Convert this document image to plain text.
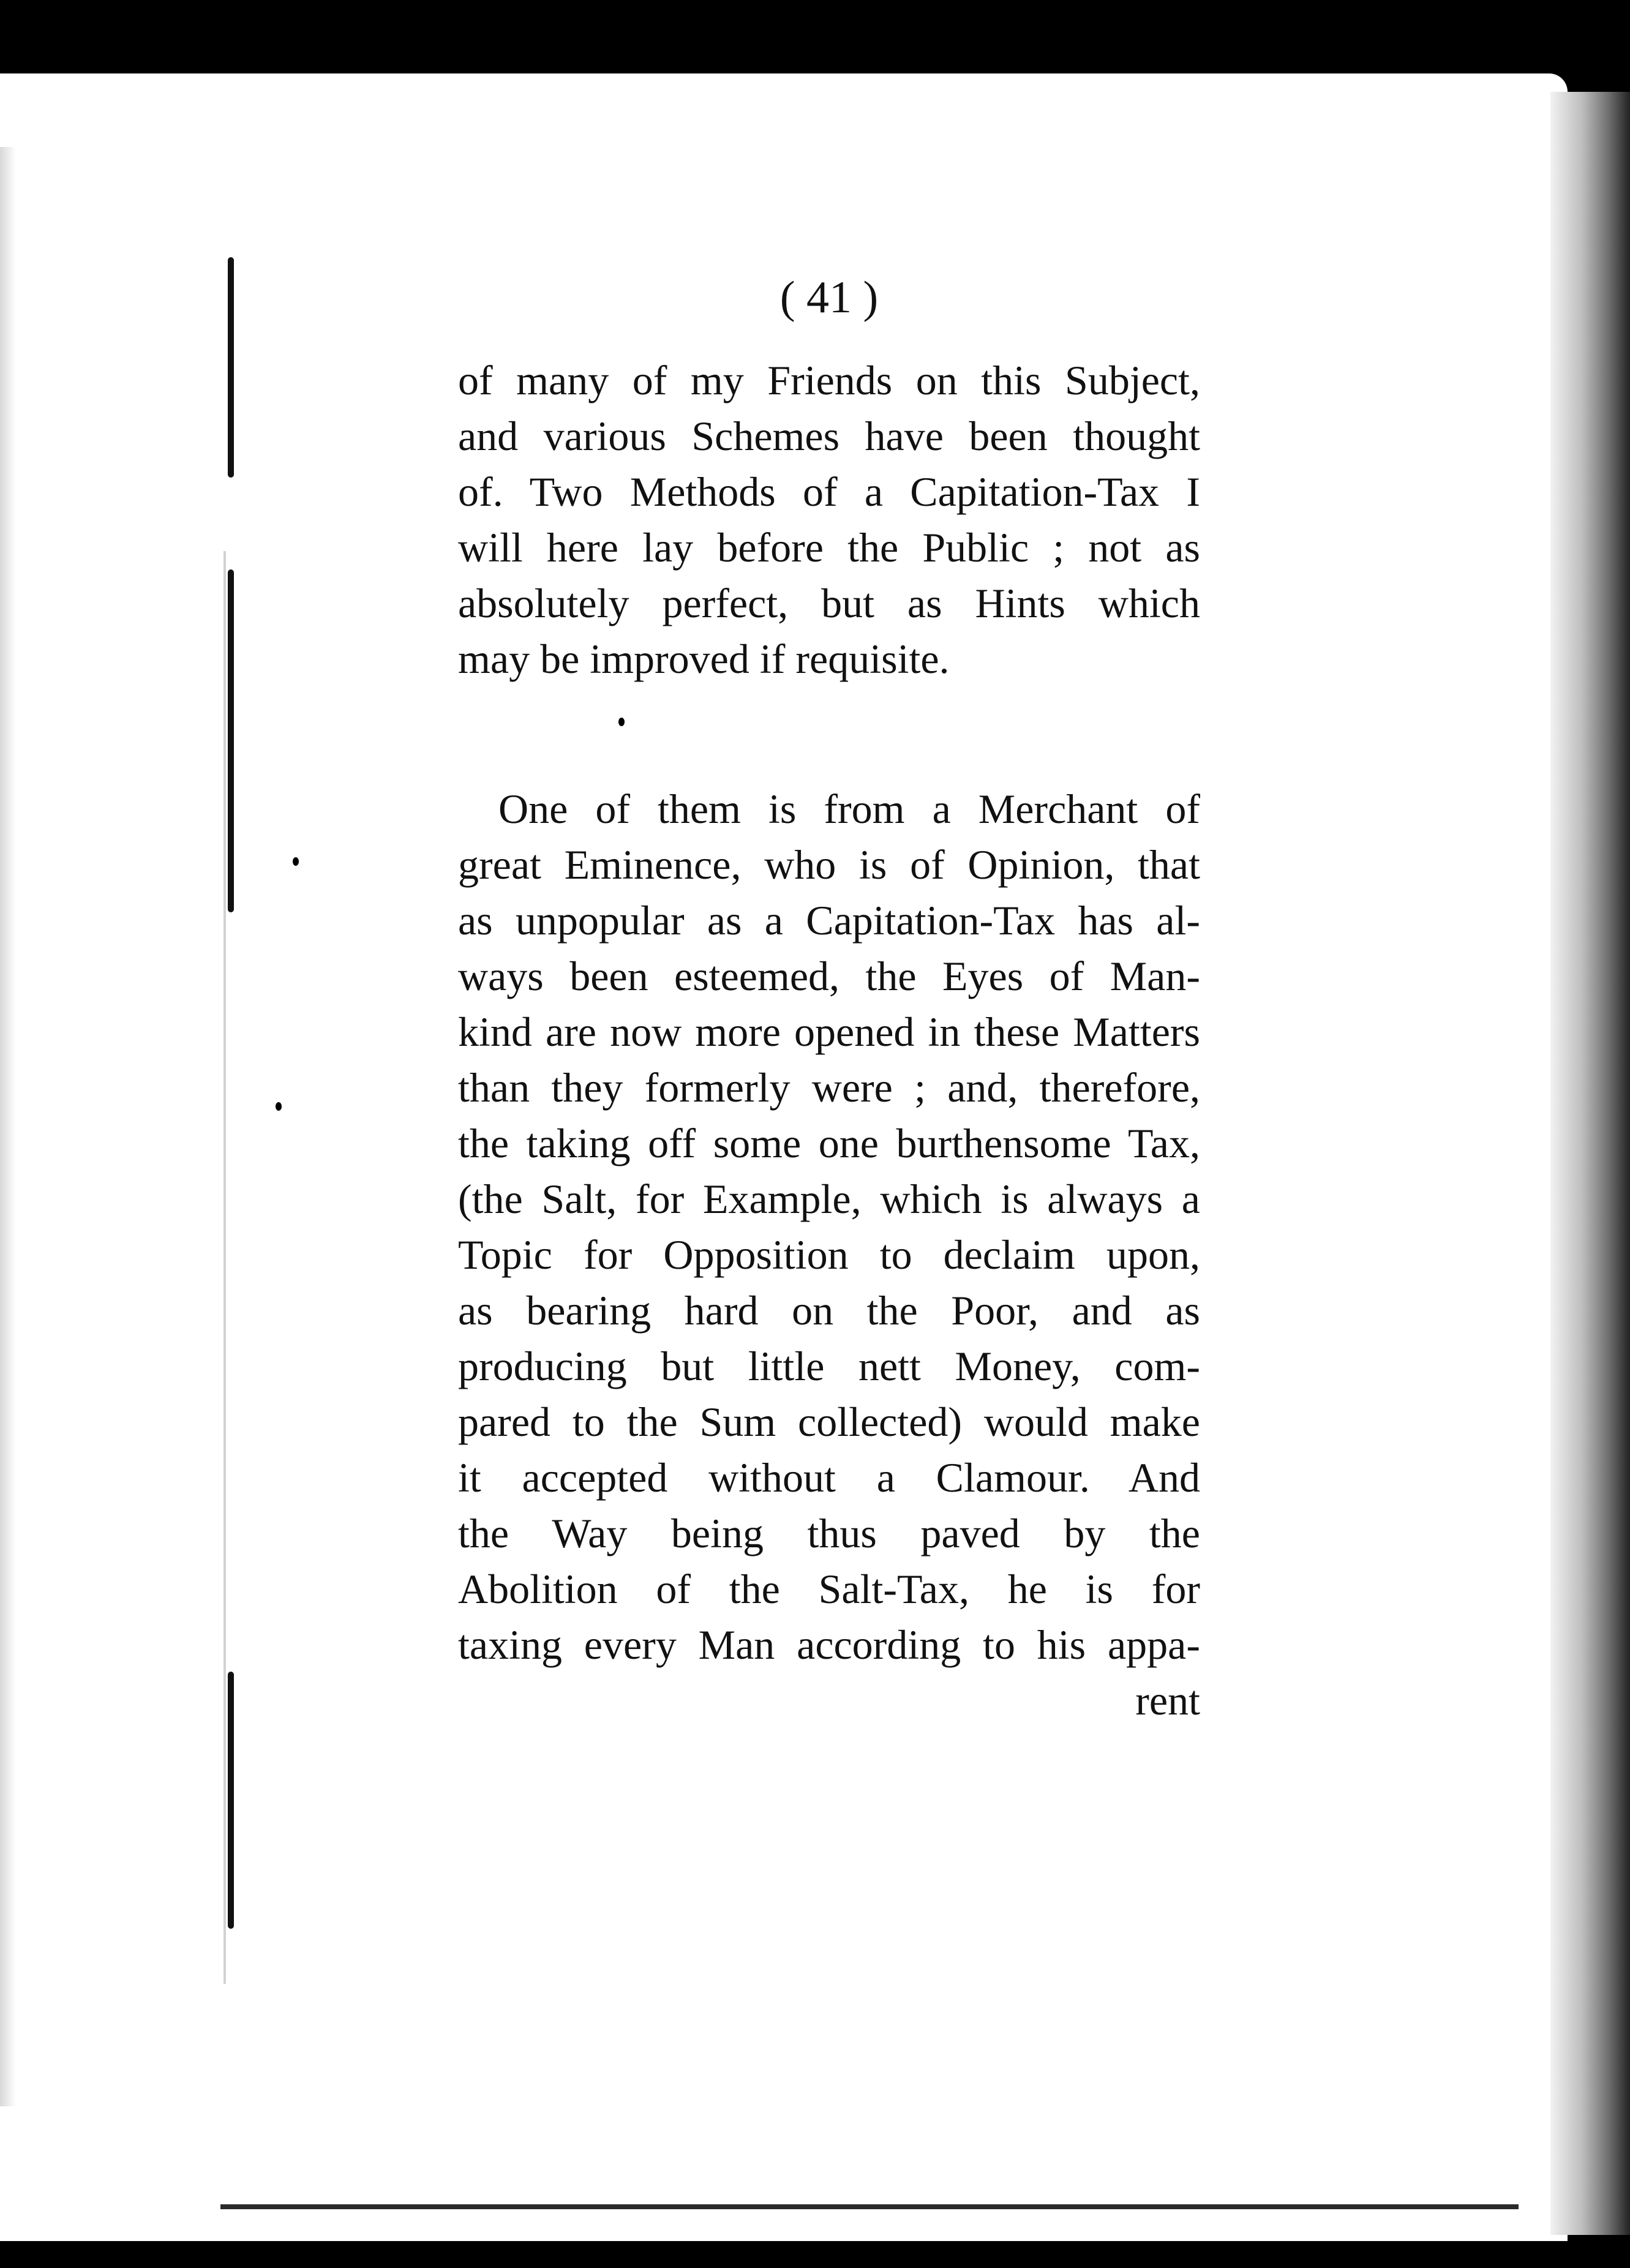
( 41 )
of many of my Friends on this Subject,
and various Schemes have been thought
of. Two Methods of a Capitation-Tax I
will here lay before the Public ; not as
absolutely perfect, but as Hints which
may be improved if requisite.
One of them is from a Merchant of
great Eminence, who is of Opinion, that
as unpopular as a Capitation-Tax has al-
ways been esteemed, the Eyes of Man-
kind are now more opened in these Matters
than they formerly were ; and, therefore,
the taking off some one burthensome Tax,
(the Salt, for Example, which is always a
Topic for Opposition to declaim upon,
as bearing hard on the Poor, and as
producing but little nett Money, com-
pared to the Sum collected) would make
it accepted without a Clamour. And
the Way being thus paved by the
Abolition of the Salt-Tax, he is for
taxing every Man according to his appa-
rent
